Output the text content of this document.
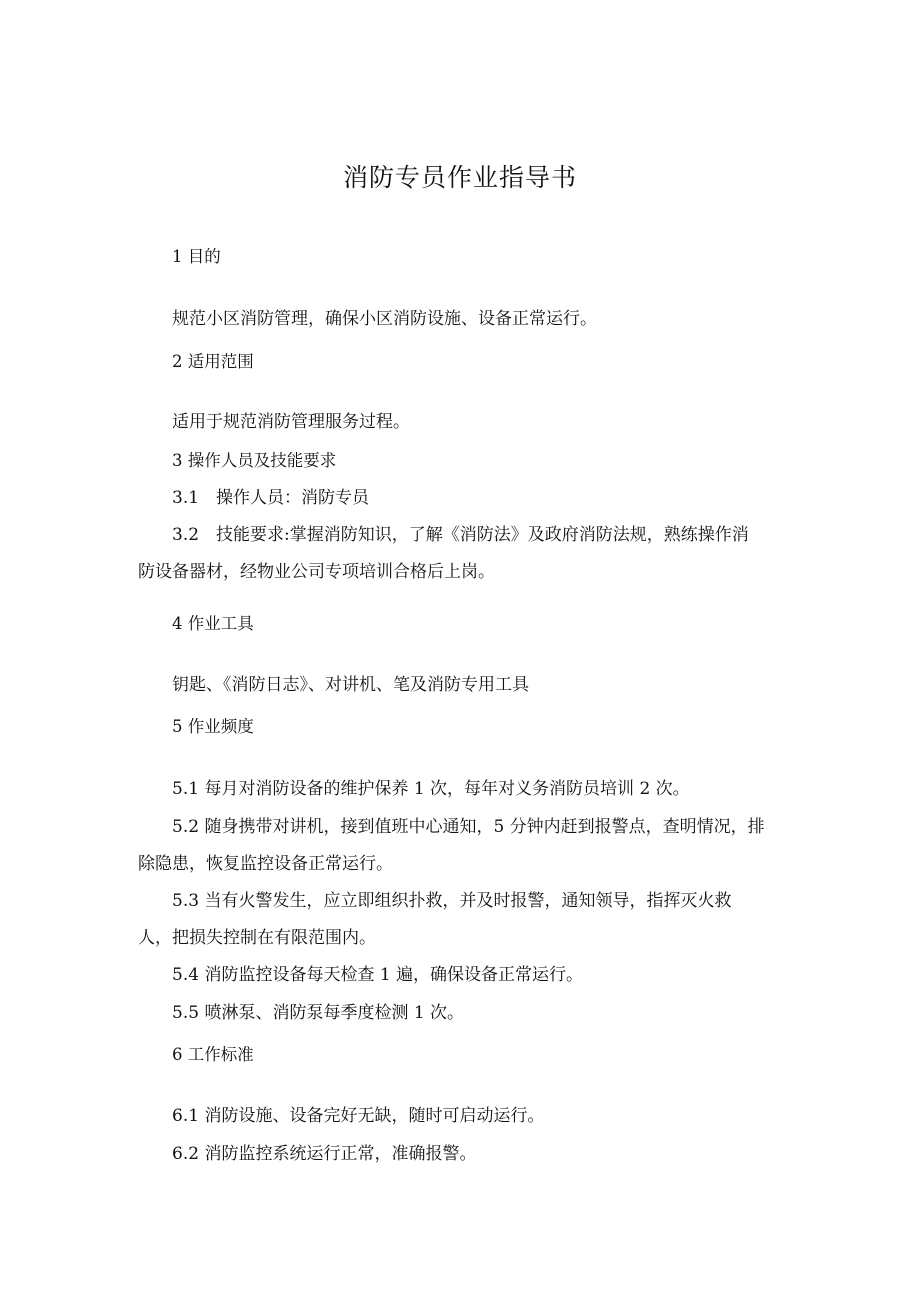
消防专员作业指导书
1 目的
规范小区消防管理，确保小区消防设施、设备正常运行。
2 适用范围
适用于规范消防管理服务过程。
3 操作人员及技能要求
3.1　操作人员：消防专员
3.2　技能要求:掌握消防知识，了解《消防法》及政府消防法规，熟练操作消
防设备器材，经物业公司专项培训合格后上岗。
4 作业工具
钥匙、《消防日志》、对讲机、笔及消防专用工具
5 作业频度
5.1 每月对消防设备的维护保养 1 次，每年对义务消防员培训 2 次。
5.2 随身携带对讲机，接到值班中心通知，5 分钟内赶到报警点，查明情况，排
除隐患，恢复监控设备正常运行。
5.3 当有火警发生，应立即组织扑救，并及时报警，通知领导，指挥灭火救
人，把损失控制在有限范围内。
5.4 消防监控设备每天检查 1 遍，确保设备正常运行。
5.5 喷淋泵、消防泵每季度检测 1 次。
6 工作标准
6.1 消防设施、设备完好无缺，随时可启动运行。
6.2 消防监控系统运行正常，准确报警。
